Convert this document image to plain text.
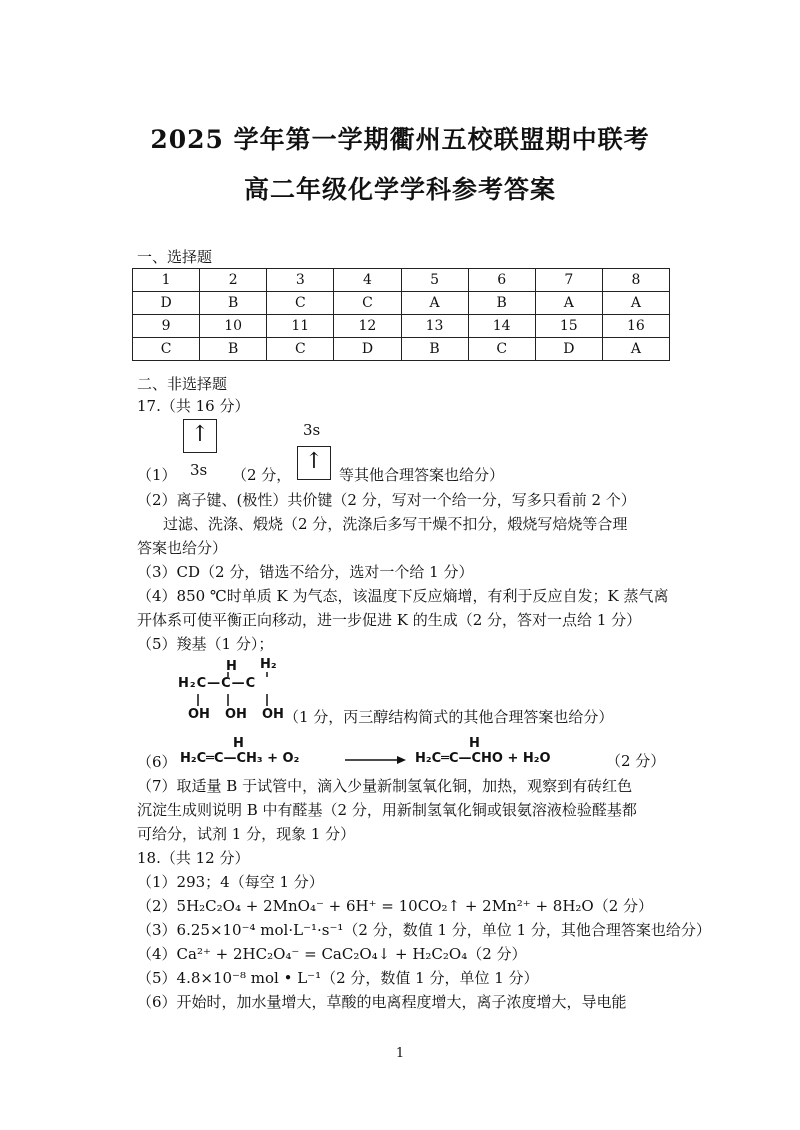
2025 学年第一学期衢州五校联盟期中联考
高二年级化学学科参考答案
一、选择题
1	2	3	4	5	6	7	8
D	B	C	C	A	B	A	A
9	10	11	12	13	14	15	16
C	B	C	D	B	C	D	A
二、非选择题
17.（共 16 分）
↑
3s
3s
↑
（1）	（2 分，	等其他合理答案也给分）
（2）离子键、(极性）共价键（2 分，写对一个给一分，写多只看前 2 个）
过滤、洗涤、煅烧（2 分，洗涤后多写干燥不扣分，煅烧写焙烧等合理
答案也给分）
（3）CD（2 分，错选不给分，选对一个给 1 分）
（4）850 ℃时单质 K 为气态，该温度下反应熵增，有利于反应自发；K 蒸气离
开体系可使平衡正向移动，进一步促进 K 的生成（2 分，答对一点给 1 分）
（5）羧基（1 分）；
H H₂
H₂C—C—C
OH  OH  OH （1 分，丙三醇结构简式的其他合理答案也给分）
（6）
H
H₂C═C—CH₃ + O₂
H
H₂C═C—CHO + H₂O	（2 分）
（7）取适量 B 于试管中，滴入少量新制氢氧化铜，加热，观察到有砖红色
沉淀生成则说明 B 中有醛基（2 分，用新制氢氧化铜或银氨溶液检验醛基都
可给分，试剂 1 分，现象 1 分）
18.（共 12 分）
（1）293；4（每空 1 分）
（2）5H₂C₂O₄ + 2MnO₄⁻ + 6H⁺ = 10CO₂↑ + 2Mn²⁺ + 8H₂O（2 分）
（3）6.25×10⁻⁴ mol·L⁻¹·s⁻¹（2 分，数值 1 分，单位 1 分，其他合理答案也给分）
（4）Ca²⁺ + 2HC₂O₄⁻ = CaC₂O₄↓ + H₂C₂O₄（2 分）
（5）4.8×10⁻⁸ mol • L⁻¹（2 分，数值 1 分，单位 1 分）
（6）开始时，加水量增大，草酸的电离程度增大，离子浓度增大，导电能
1
